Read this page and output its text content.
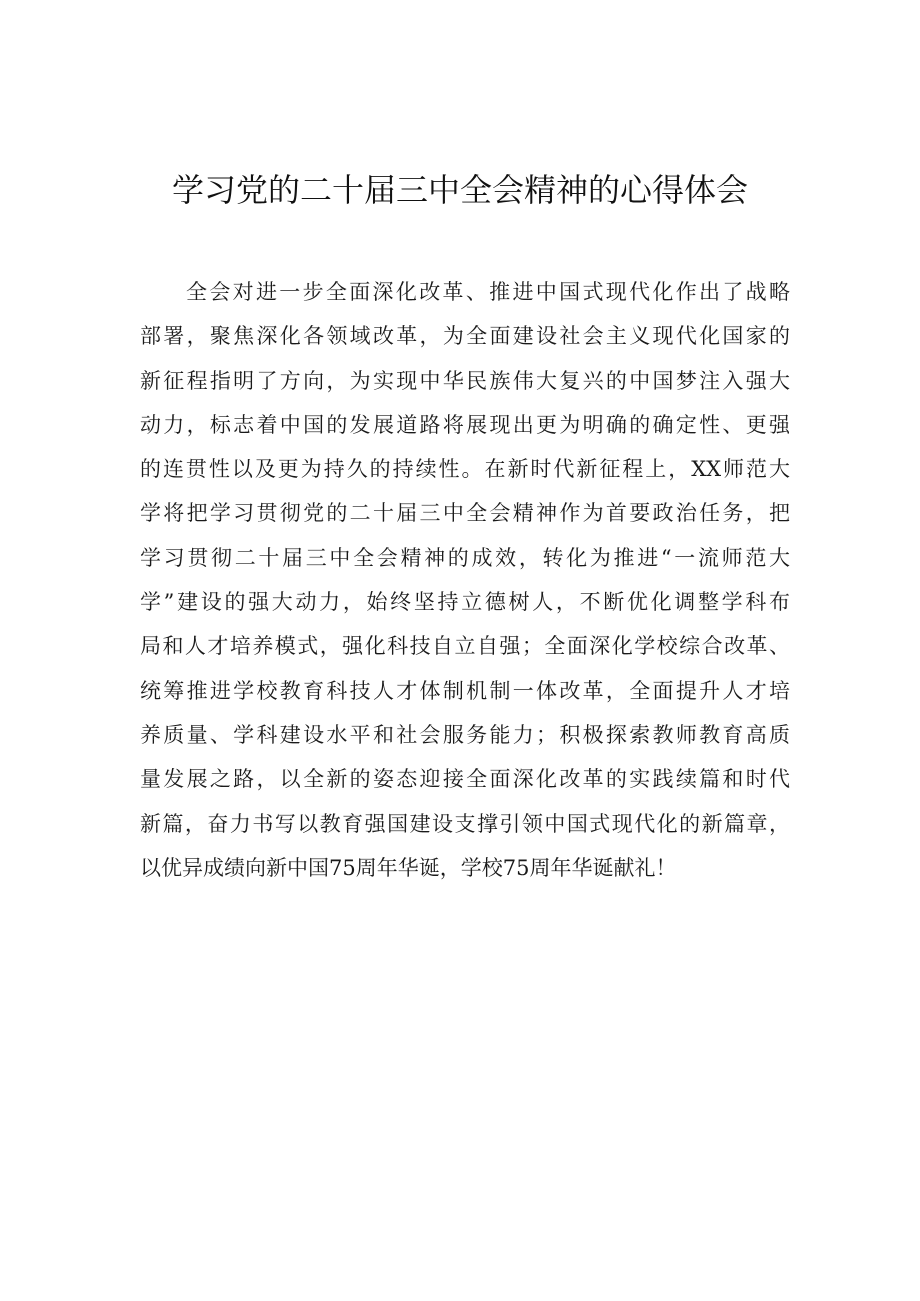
学习党的二十届三中全会精神的心得体会
全会对进一步全面深化改革、推进中国式现代化作出了战略
部署，聚焦深化各领域改革，为全面建设社会主义现代化国家的
新征程指明了方向，为实现中华民族伟大复兴的中国梦注入强大
动力，标志着中国的发展道路将展现出更为明确的确定性、更强
的连贯性以及更为持久的持续性。在新时代新征程上，XX师范大
学将把学习贯彻党的二十届三中全会精神作为首要政治任务，把
学习贯彻二十届三中全会精神的成效，转化为推进“一流师范大
学”建设的强大动力，始终坚持立德树人，不断优化调整学科布
局和人才培养模式，强化科技自立自强；全面深化学校综合改革、
统筹推进学校教育科技人才体制机制一体改革，全面提升人才培
养质量、学科建设水平和社会服务能力；积极探索教师教育高质
量发展之路，以全新的姿态迎接全面深化改革的实践续篇和时代
新篇，奋力书写以教育强国建设支撑引领中国式现代化的新篇章，
以优异成绩向新中国75周年华诞，学校75周年华诞献礼！
